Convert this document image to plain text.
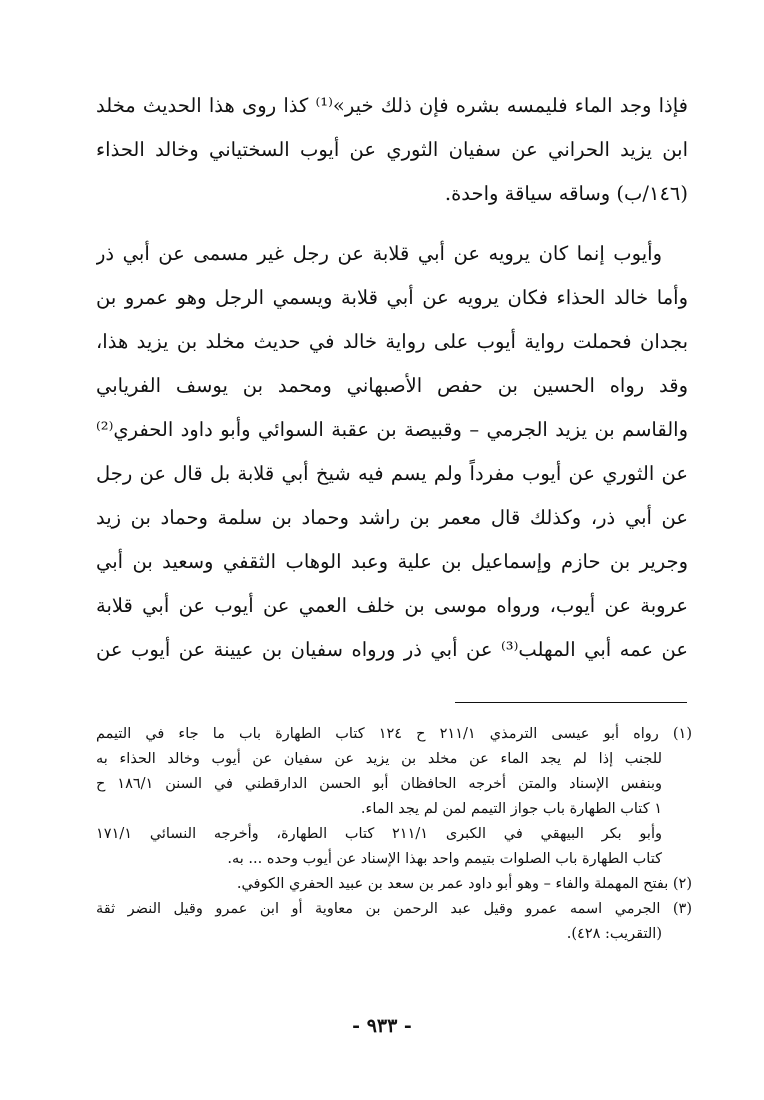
فإذا وجد الماء فليمسه بشره فإن ذلك خير»⁽¹⁾ كذا روى هذا الحديث مخلد
ابن يزيد الحراني عن سفيان الثوري عن أيوب السختياني وخالد الحذاء
(١٤٦/ب) وساقه سياقة واحدة.
وأيوب إنما كان يرويه عن أبي قلابة عن رجل غير مسمى عن أبي ذر
وأما خالد الحذاء فكان يرويه عن أبي قلابة ويسمي الرجل وهو عمرو بن
بجدان فحملت رواية أيوب على رواية خالد في حديث مخلد بن يزيد هذا،
وقد رواه الحسين بن حفص الأصبهاني ومحمد بن يوسف الفريابي
والقاسم بن يزيد الجرمي – وقبيصة بن عقبة السوائي وأبو داود الحفري⁽²⁾
عن الثوري عن أيوب مفرداً ولم يسم فيه شيخ أبي قلابة بل قال عن رجل
عن أبي ذر، وكذلك قال معمر بن راشد وحماد بن سلمة وحماد بن زيد
وجرير بن حازم وإسماعيل بن علية وعبد الوهاب الثقفي وسعيد بن أبي
عروبة عن أيوب، ورواه موسى بن خلف العمي عن أيوب عن أبي قلابة
عن عمه أبي المهلب⁽³⁾ عن أبي ذر ورواه سفيان بن عيينة عن أيوب عن
(١) رواه أبو عيسى الترمذي ٢١١/١ ح ١٢٤ كتاب الطهارة باب ما جاء في التيمم
للجنب إذا لم يجد الماء عن مخلد بن يزيد عن سفيان عن أيوب وخالد الحذاء به
وبنفس الإسناد والمتن أخرجه الحافظان أبو الحسن الدارقطني في السنن ١٨٦/١ ح
١ كتاب الطهارة باب جواز التيمم لمن لم يجد الماء.
وأبو بكر البيهقي في الكبرى ٢١١/١ كتاب الطهارة، وأخرجه النسائي ١٧١/١
كتاب الطهارة باب الصلوات بتيمم واحد بهذا الإسناد عن أيوب وحده ... به.
(٢) بفتح المهملة والفاء – وهو أبو داود عمر بن سعد بن عبيد الحفري الكوفي.
(٣) الجرمي اسمه عمرو وقيل عبد الرحمن بن معاوية أو ابن عمرو وقيل النضر ثقة
(التقريب: ٤٢٨).
- ٩٣٣ -
